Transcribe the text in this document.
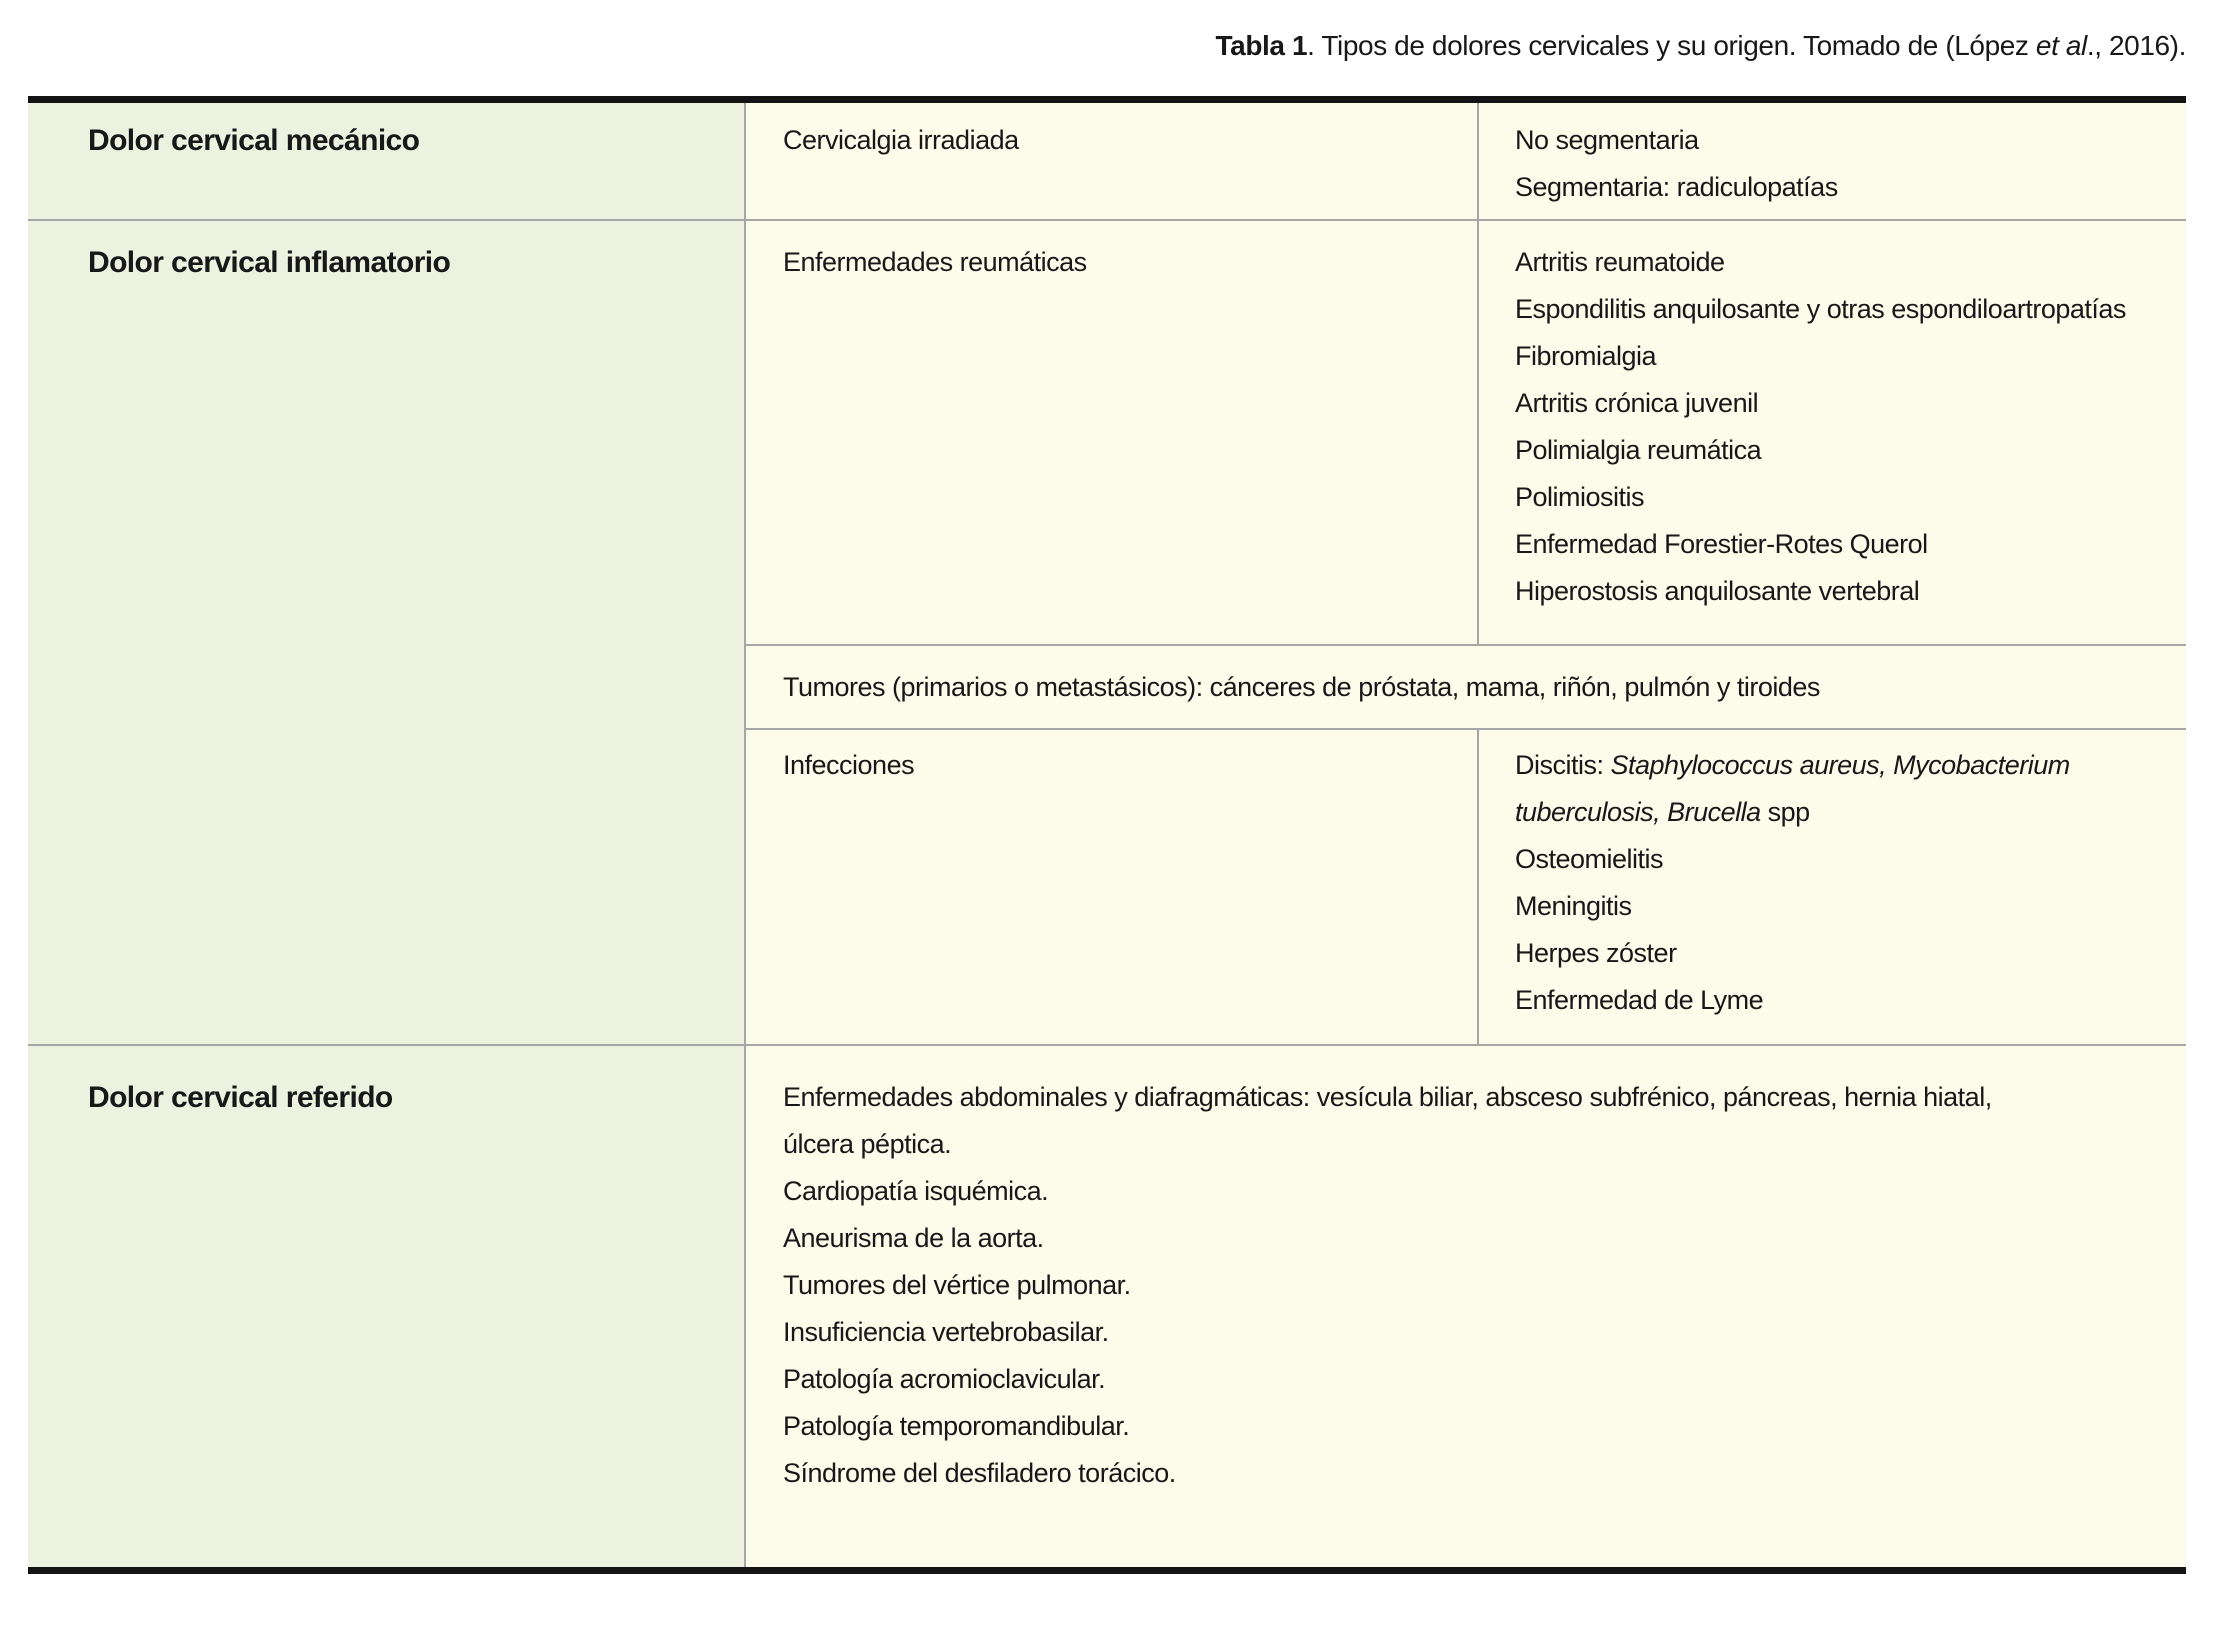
Tabla 1. Tipos de dolores cervicales y su origen. Tomado de (López et al., 2016).
Dolor cervical mecánico	Cervicalgia irradiada	No segmentaria
Segmentaria: radiculopatías
Dolor cervical inflamatorio	Enfermedades reumáticas	Artritis reumatoide
Espondilitis anquilosante y otras espondiloartropatías
Fibromialgia
Artritis crónica juvenil
Polimialgia reumática
Polimiositis
Enfermedad Forestier-Rotes Querol
Hiperostosis anquilosante vertebral
Tumores (primarios o metastásicos): cánceres de próstata, mama, riñón, pulmón y tiroides
Infecciones	Discitis: Staphylococcus aureus, Mycobacterium
tuberculosis, Brucella spp
Osteomielitis
Meningitis
Herpes zóster
Enfermedad de Lyme
Dolor cervical referido	Enfermedades abdominales y diafragmáticas: vesícula biliar, absceso subfrénico, páncreas, hernia hiatal,
úlcera péptica.
Cardiopatía isquémica.
Aneurisma de la aorta.
Tumores del vértice pulmonar.
Insuficiencia vertebrobasilar.
Patología acromioclavicular.
Patología temporomandibular.
Síndrome del desfiladero torácico.
